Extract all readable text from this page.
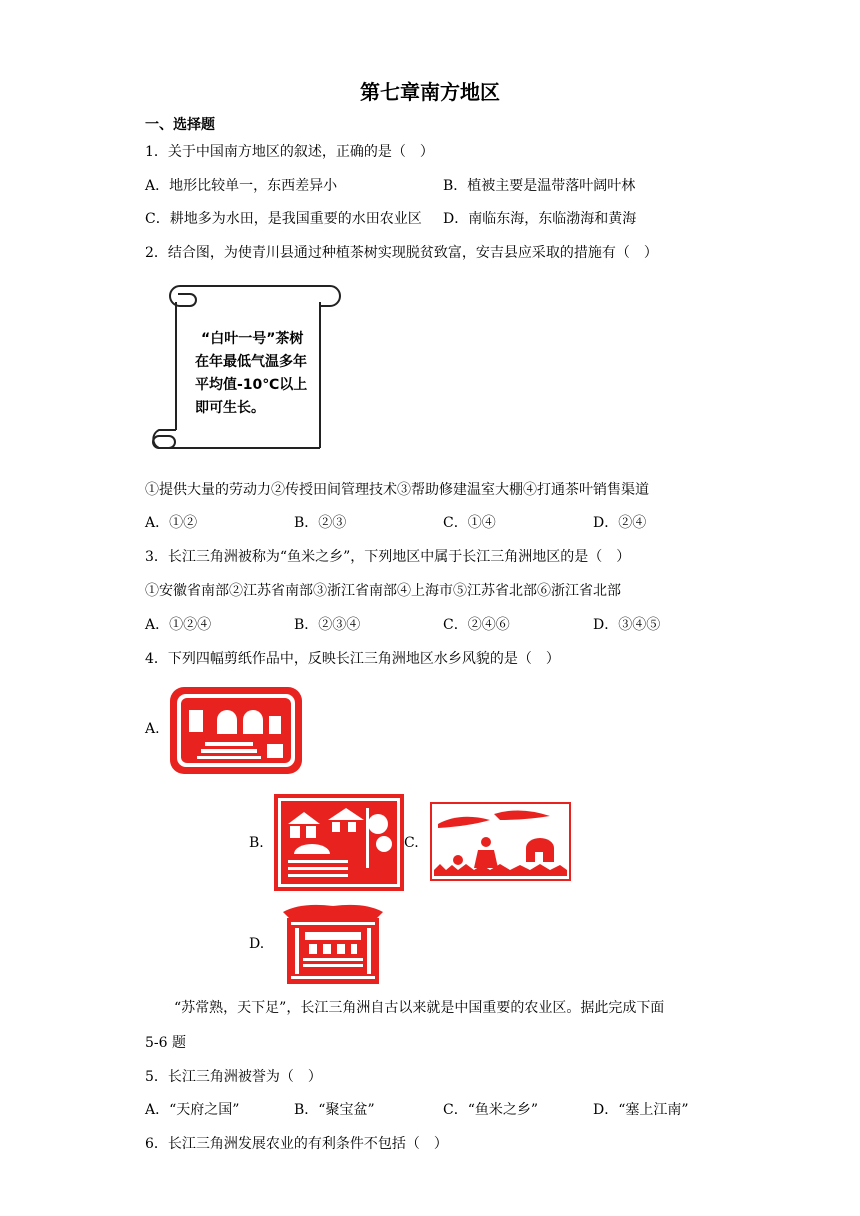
第七章南方地区
一、选择题
1．关于中国南方地区的叙述，正确的是（　）
A．地形比较单一，东西差异小	B．植被主要是温带落叶阔叶林
C．耕地多为水田，是我国重要的水田农业区 D．南临东海，东临渤海和黄海
2．结合图，为使青川县通过种植茶树实现脱贫致富，安吉县应采取的措施有（　）
“白叶一号”茶树
在年最低气温多年
平均值-10℃以上
即可生长。
①提供大量的劳动力②传授田间管理技术③帮助修建温室大棚④打通茶叶销售渠道
A．①②	B．②③	C．①④	D．②④
3．长江三角洲被称为“鱼米之乡”，下列地区中属于长江三角洲地区的是（　）
①安徽省南部②江苏省南部③浙江省南部④上海市⑤江苏省北部⑥浙江省北部
A．①②④	B．②③④	C．②④⑥	D．③④⑤
4．下列四幅剪纸作品中，反映长江三角洲地区水乡风貌的是（　）
A.
B.	C.
D.
“苏常熟，天下足”，长江三角洲自古以来就是中国重要的农业区。据此完成下面
5-6 题
5．长江三角洲被誉为（　）
A．“天府之国”	B．“聚宝盆”	C．“鱼米之乡”	D．“塞上江南”
6．长江三角洲发展农业的有利条件不包括（　）
